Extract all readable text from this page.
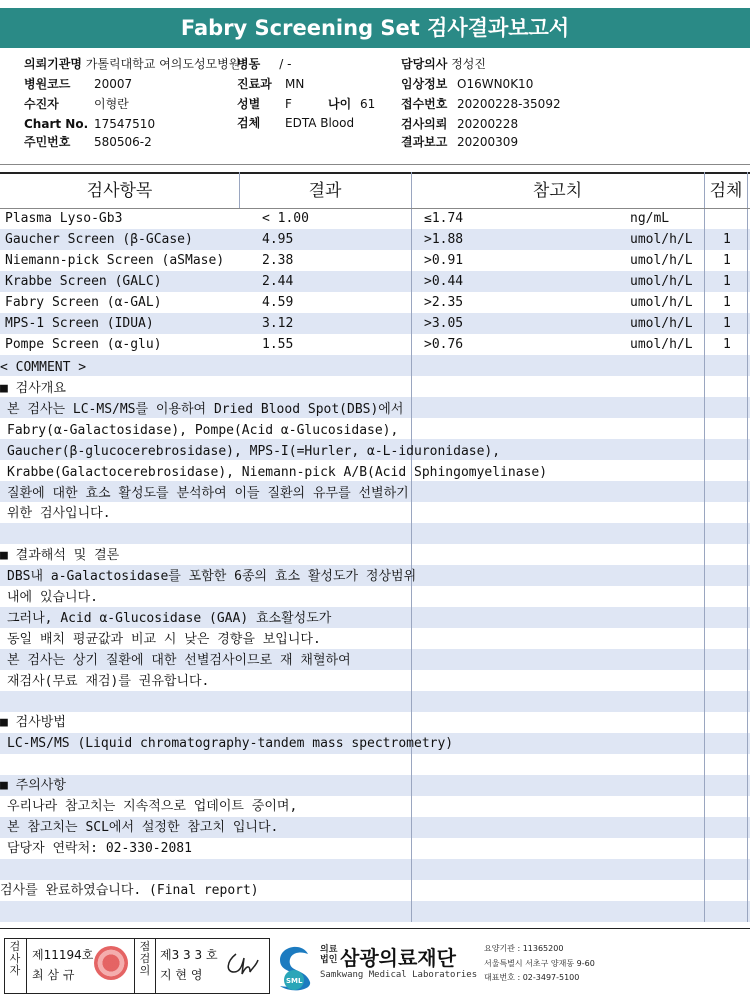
Fabry Screening Set 검사결과보고서
의뢰기관명 가톨릭대학교 여의도성모병원
병동 / -	담당의사 정성진
병원코드 20007	진료과 MN	임상정보 O16WN0K10
수진자	이형란	성별 F	나이 61 접수번호 20200228-35092
Chart No. 17547510	검체 EDTA Blood	검사의뢰 20200228
주민번호 580506-2	결과보고 20200309
검사항목	결과	참고치	검체
Plasma Lyso-Gb3	< 1.00	≤1.74	ng/mL
Gaucher Screen (β-GCase)	4.95	>1.88	umol/h/L 1
Niemann-pick Screen (aSMase)	2.38	>0.91	umol/h/L 1
Krabbe Screen (GALC)	2.44	>0.44	umol/h/L 1
Fabry Screen (α-GAL)	4.59	>2.35	umol/h/L 1
MPS-1 Screen (IDUA)	3.12	>3.05	umol/h/L 1
Pompe Screen (α-glu)	1.55	>0.76	umol/h/L 1
< COMMENT >
■ 검사개요
본 검사는 LC-MS/MS를 이용하여 Dried Blood Spot(DBS)에서
Fabry(α-Galactosidase), Pompe(Acid α-Glucosidase),
Gaucher(β-glucocerebrosidase), MPS-I(=Hurler, α-L-iduronidase),
Krabbe(Galactocerebrosidase), Niemann-pick A/B(Acid Sphingomyelinase)
질환에 대한 효소 활성도를 분석하여 이들 질환의 유무를 선별하기
위한 검사입니다.
■ 결과해석 및 결론
DBS내 a-Galactosidase를 포함한 6종의 효소 활성도가 정상범위
내에 있습니다.
그러나, Acid α-Glucosidase (GAA) 효소활성도가
동일 배치 평균값과 비교 시 낮은 경향을 보입니다.
본 검사는 상기 질환에 대한 선별검사이므로 재 채혈하여
재검사(무료 재검)를 권유합니다.
■ 검사방법
LC-MS/MS (Liquid chromatography-tandem mass spectrometry)
■ 주의사항
우리나라 참고치는 지속적으로 업데이트 중이며,
본 참고치는 SCL에서 설정한 참고치 입니다.
담당자 연락처: 02-330-2081
검사를 완료하였습니다. (Final report)
검사자
제11194호
최 삼 규
점검의
제3 3 3 호
지 현 영	SML
의료
법인 삼광의료재단
Samkwang Medical Laboratories
요양기관 : 11365200
서울특별시 서초구 양재동 9-60
대표번호 : 02-3497-5100
